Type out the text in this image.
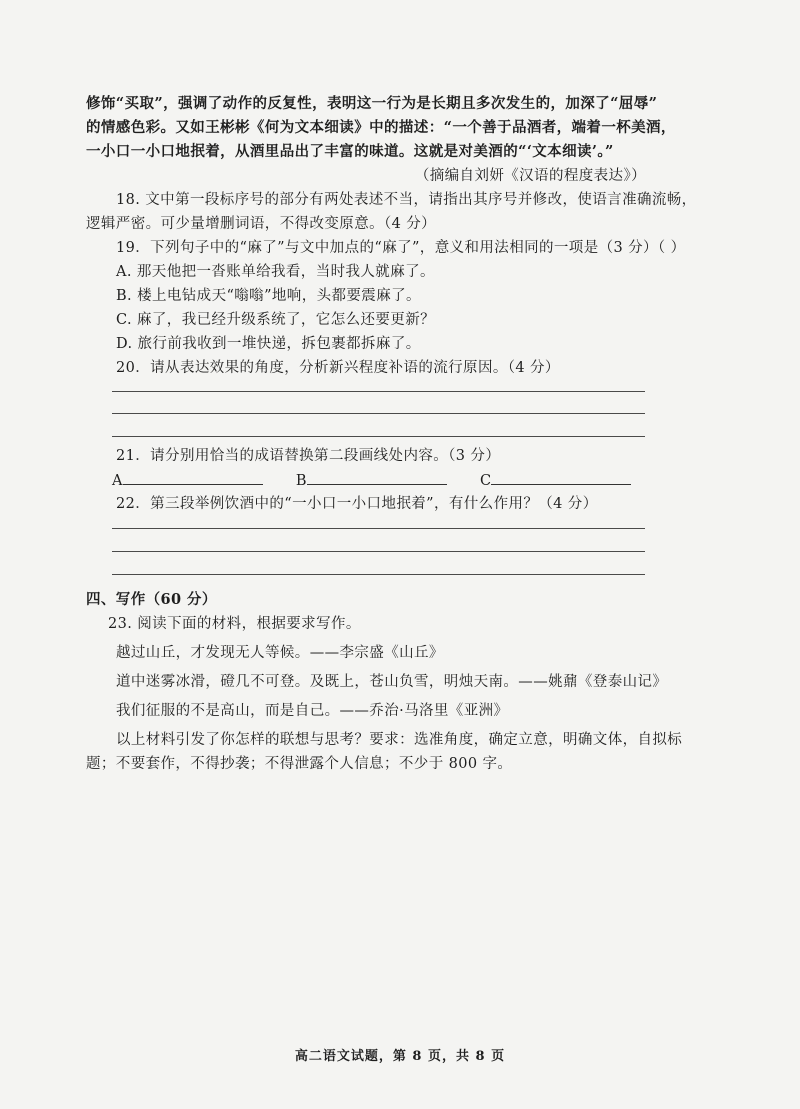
修饰“买取”，强调了动作的反复性，表明这一行为是长期且多次发生的，加深了“屈辱”
的情感色彩。又如王彬彬《何为文本细读》中的描述：“一个善于品酒者，端着一杯美酒，
一小口一小口地抿着，从酒里品出了丰富的味道。这就是对美酒的“‘文本细读’。”
（摘编自刘妍《汉语的程度表达》）
18. 文中第一段标序号的部分有两处表述不当，请指出其序号并修改，使语言准确流畅，
逻辑严密。可少量增删词语，不得改变原意。（4 分）
19．下列句子中的“麻了”与文中加点的“麻了”，意义和用法相同的一项是（3 分）（ ）
A. 那天他把一沓账单给我看，当时我人就麻了。
B. 楼上电钻成天“嗡嗡”地响，头都要震麻了。
C. 麻了，我已经升级系统了，它怎么还要更新？
D. 旅行前我收到一堆快递，拆包裹都拆麻了。
20．请从表达效果的角度，分析新兴程度补语的流行原因。（4 分）
21．请分别用恰当的成语替换第二段画线处内容。（3 分）
A	B	C
22．第三段举例饮酒中的“一小口一小口地抿着”，有什么作用？（4 分）
四、写作（60 分）
23. 阅读下面的材料，根据要求写作。
越过山丘，才发现无人等候。——李宗盛《山丘》
道中迷雾冰滑，磴几不可登。及既上，苍山负雪，明烛天南。——姚鼐《登泰山记》
我们征服的不是高山，而是自己。——乔治·马洛里《亚洲》
以上材料引发了你怎样的联想与思考？要求：选准角度，确定立意，明确文体，自拟标
题；不要套作，不得抄袭；不得泄露个人信息；不少于 800 字。
高二语文试题，第 8 页，共 8 页
